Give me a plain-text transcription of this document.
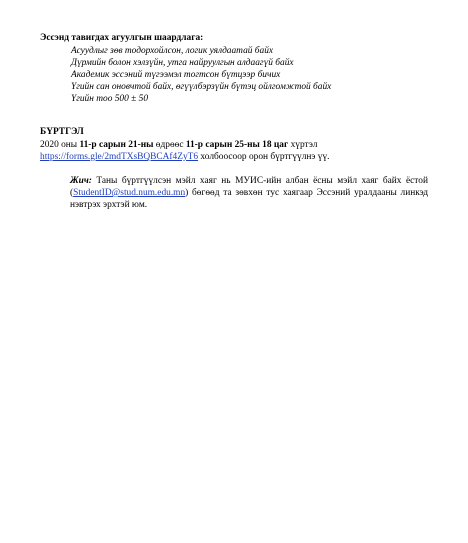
Эссэнд тавигдах агуулгын шаардлага:
Асуудлыг зөв тодорхойлсон, логик уялдаатай байх
Дүрмийн болон хэлзүйн, утга найруулгын алдаагүй байх
Академик эссэний түгээмэл тогтсон бүтцээр бичих
Үгийн сан оновчтой байх, өгүүлбэрзүйн бүтэц ойлгомжтой байх
Үгийн тоо 500 ± 50
БҮРТГЭЛ
2020 оны 11-р сарын 21-ны өдрөөс 11-р сарын 25-ны 18 цаг хүртэл
https://forms.gle/2mdTXsBQBCAf4ZyT6 холбоосоор орон бүртгүүлнэ үү.
Жич: Таны бүртгүүлсэн мэйл хаяг нь МУИС-ийн албан ёсны мэйл хаяг байх ёстой (StudentID@stud.num.edu.mn) бөгөөд та зөвхөн тус хаягаар Эссэний уралдааны линкэд нэвтрэх эрхтэй юм.
